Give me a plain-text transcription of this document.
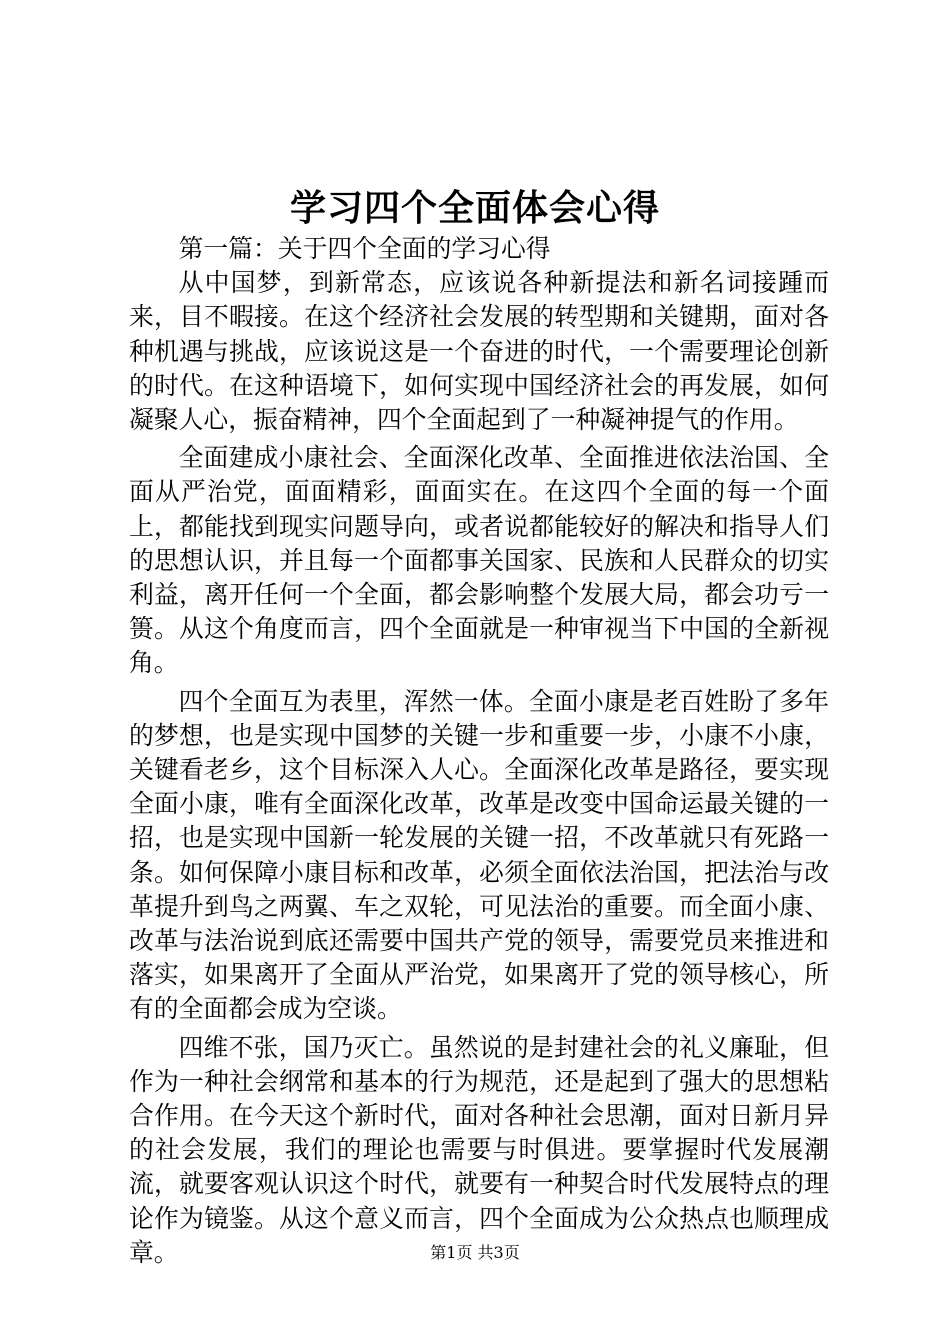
学习四个全面体会心得

第一篇：关于四个全面的学习心得

从中国梦，到新常态，应该说各种新提法和新名词接踵而来，目不暇接。在这个经济社会发展的转型期和关键期，面对各种机遇与挑战，应该说这是一个奋进的时代，一个需要理论创新的时代。在这种语境下，如何实现中国经济社会的再发展，如何凝聚人心，振奋精神，四个全面起到了一种凝神提气的作用。

全面建成小康社会、全面深化改革、全面推进依法治国、全面从严治党，面面精彩，面面实在。在这四个全面的每一个面上，都能找到现实问题导向，或者说都能较好的解决和指导人们的思想认识，并且每一个面都事关国家、民族和人民群众的切实利益，离开任何一个全面，都会影响整个发展大局，都会功亏一篑。从这个角度而言，四个全面就是一种审视当下中国的全新视角。

四个全面互为表里，浑然一体。全面小康是老百姓盼了多年的梦想，也是实现中国梦的关键一步和重要一步，小康不小康，关键看老乡，这个目标深入人心。全面深化改革是路径，要实现全面小康，唯有全面深化改革，改革是改变中国命运最关键的一招，也是实现中国新一轮发展的关键一招，不改革就只有死路一条。如何保障小康目标和改革，必须全面依法治国，把法治与改革提升到鸟之两翼、车之双轮，可见法治的重要。而全面小康、改革与法治说到底还需要中国共产党的领导，需要党员来推进和落实，如果离开了全面从严治党，如果离开了党的领导核心，所有的全面都会成为空谈。

四维不张，国乃灭亡。虽然说的是封建社会的礼义廉耻，但作为一种社会纲常和基本的行为规范，还是起到了强大的思想粘合作用。在今天这个新时代，面对各种社会思潮，面对日新月异的社会发展，我们的理论也需要与时俱进。要掌握时代发展潮流，就要客观认识这个时代，就要有一种契合时代发展特点的理论作为镜鉴。从这个意义而言，四个全面成为公众热点也顺理成章。	第1页 共3页
